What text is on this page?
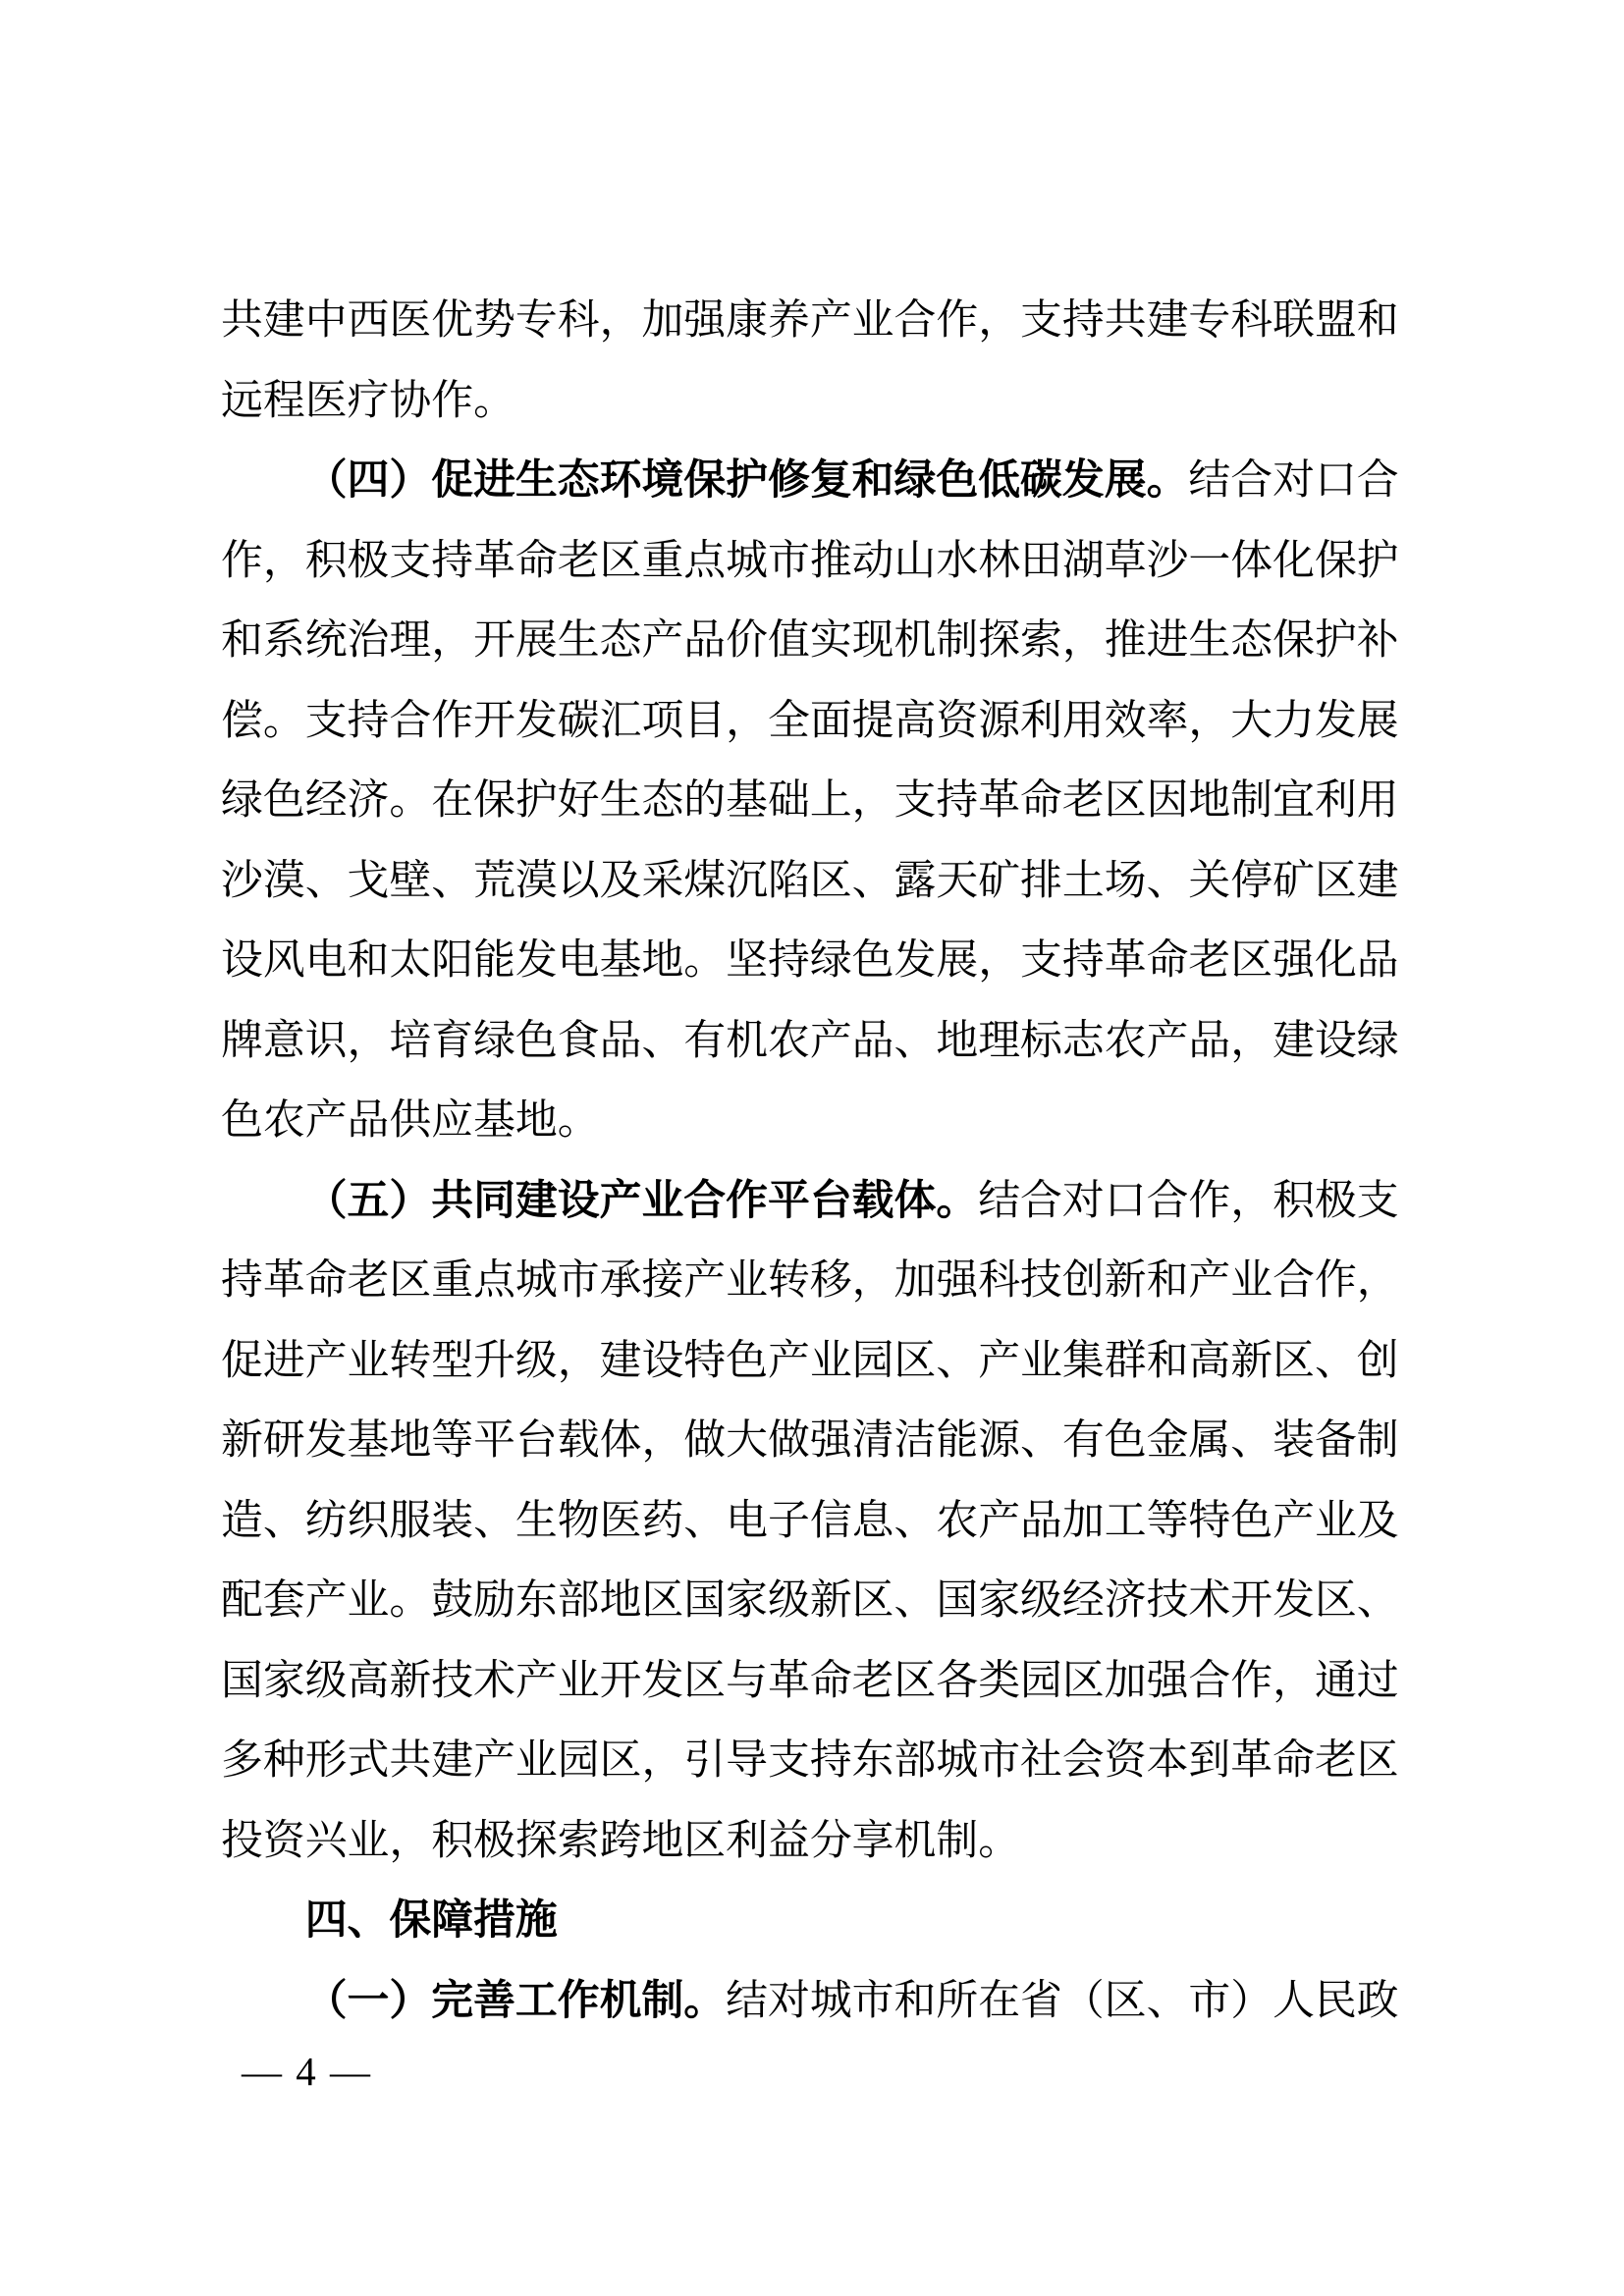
共建中西医优势专科，加强康养产业合作，支持共建专科联盟和
远程医疗协作。
（四）促进生态环境保护修复和绿色低碳发展。结合对口合
作，积极支持革命老区重点城市推动山水林田湖草沙一体化保护
和系统治理，开展生态产品价值实现机制探索，推进生态保护补
偿。支持合作开发碳汇项目，全面提高资源利用效率，大力发展
绿色经济。在保护好生态的基础上，支持革命老区因地制宜利用
沙漠、戈壁、荒漠以及采煤沉陷区、露天矿排土场、关停矿区建
设风电和太阳能发电基地。坚持绿色发展，支持革命老区强化品
牌意识，培育绿色食品、有机农产品、地理标志农产品，建设绿
色农产品供应基地。
（五）共同建设产业合作平台载体。结合对口合作，积极支
持革命老区重点城市承接产业转移，加强科技创新和产业合作，
促进产业转型升级，建设特色产业园区、产业集群和高新区、创
新研发基地等平台载体，做大做强清洁能源、有色金属、装备制
造、纺织服装、生物医药、电子信息、农产品加工等特色产业及
配套产业。鼓励东部地区国家级新区、国家级经济技术开发区、
国家级高新技术产业开发区与革命老区各类园区加强合作，通过
多种形式共建产业园区，引导支持东部城市社会资本到革命老区
投资兴业，积极探索跨地区利益分享机制。
四、保障措施
（一）完善工作机制。结对城市和所在省（区、市）人民政
— 4 —
